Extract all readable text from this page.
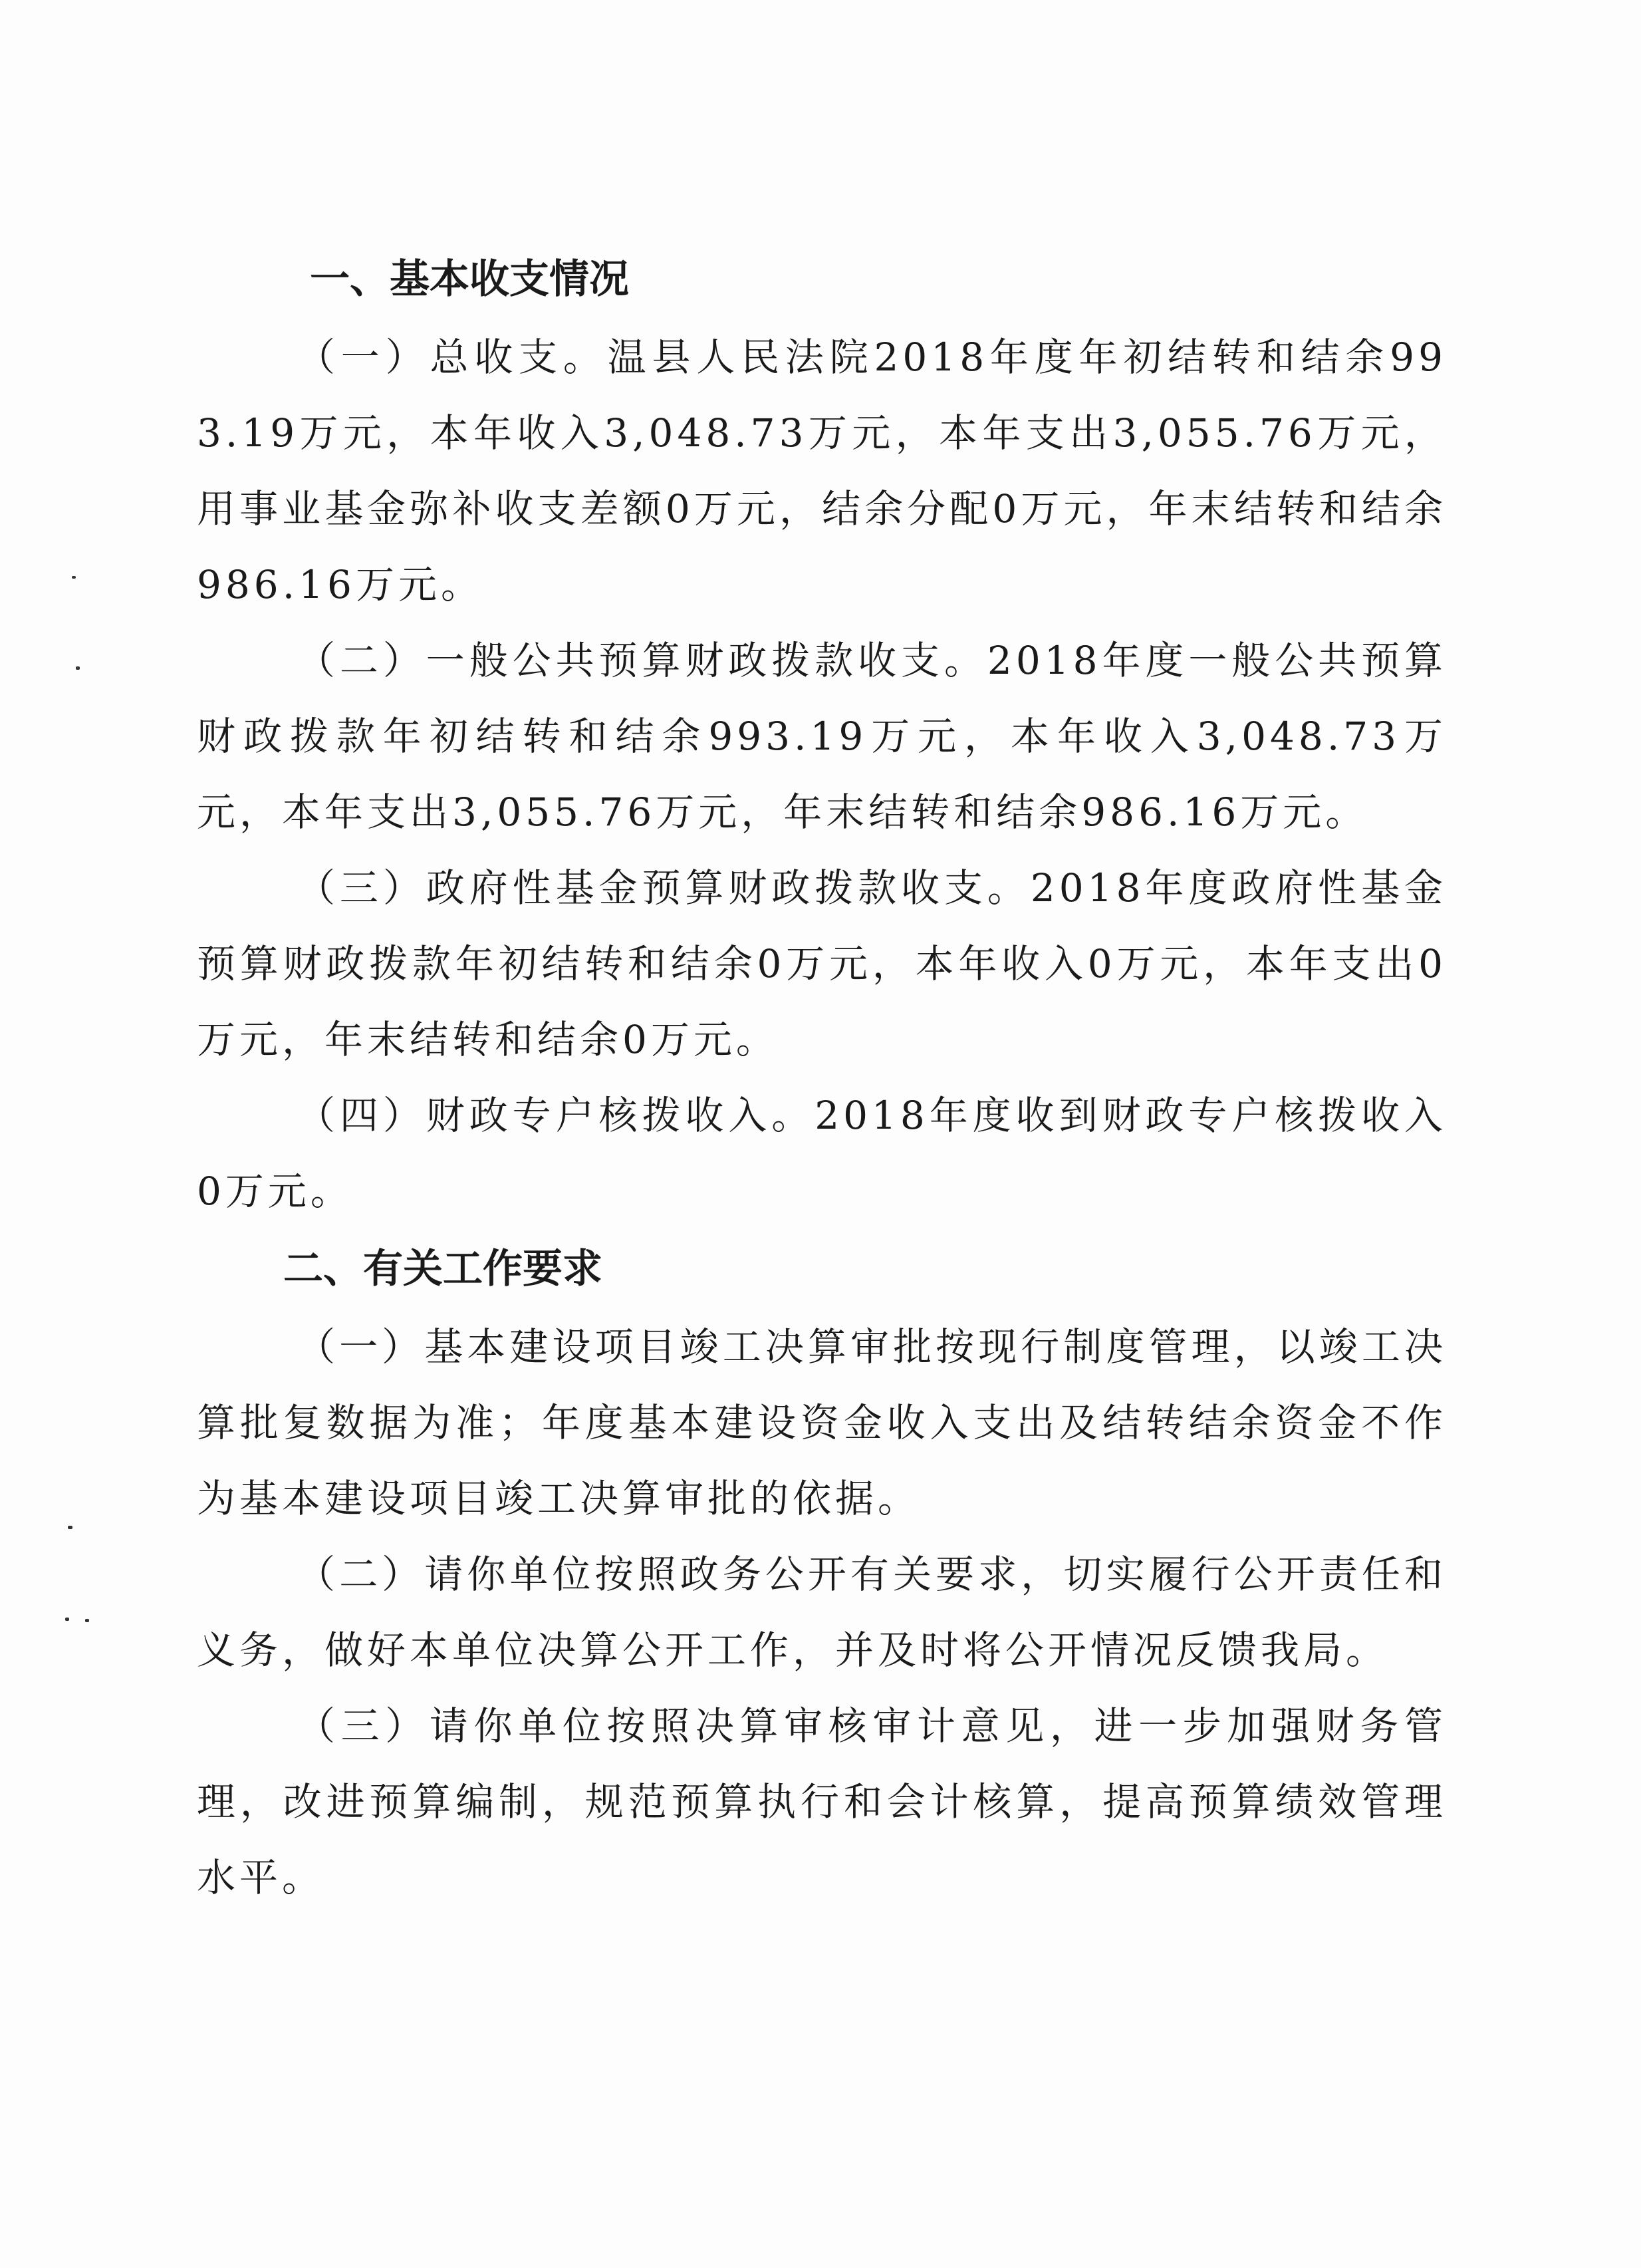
一、基本收支情况

（一）总收支。温县人民法院2018年度年初结转和结余993.19万元，本年收入3,048.73万元，本年支出3,055.76万元，用事业基金弥补收支差额0万元，结余分配0万元，年末结转和结余986.16万元。

（二）一般公共预算财政拨款收支。2018年度一般公共预算财政拨款年初结转和结余993.19万元，本年收入3,048.73万元，本年支出3,055.76万元，年末结转和结余986.16万元。

（三）政府性基金预算财政拨款收支。2018年度政府性基金预算财政拨款年初结转和结余0万元，本年收入0万元，本年支出0万元，年末结转和结余0万元。

（四）财政专户核拨收入。2018年度收到财政专户核拨收入0万元。

二、有关工作要求

（一）基本建设项目竣工决算审批按现行制度管理，以竣工决算批复数据为准；年度基本建设资金收入支出及结转结余资金不作为基本建设项目竣工决算审批的依据。

（二）请你单位按照政务公开有关要求，切实履行公开责任和义务，做好本单位决算公开工作，并及时将公开情况反馈我局。

（三）请你单位按照决算审核审计意见，进一步加强财务管理，改进预算编制，规范预算执行和会计核算，提高预算绩效管理水平。
